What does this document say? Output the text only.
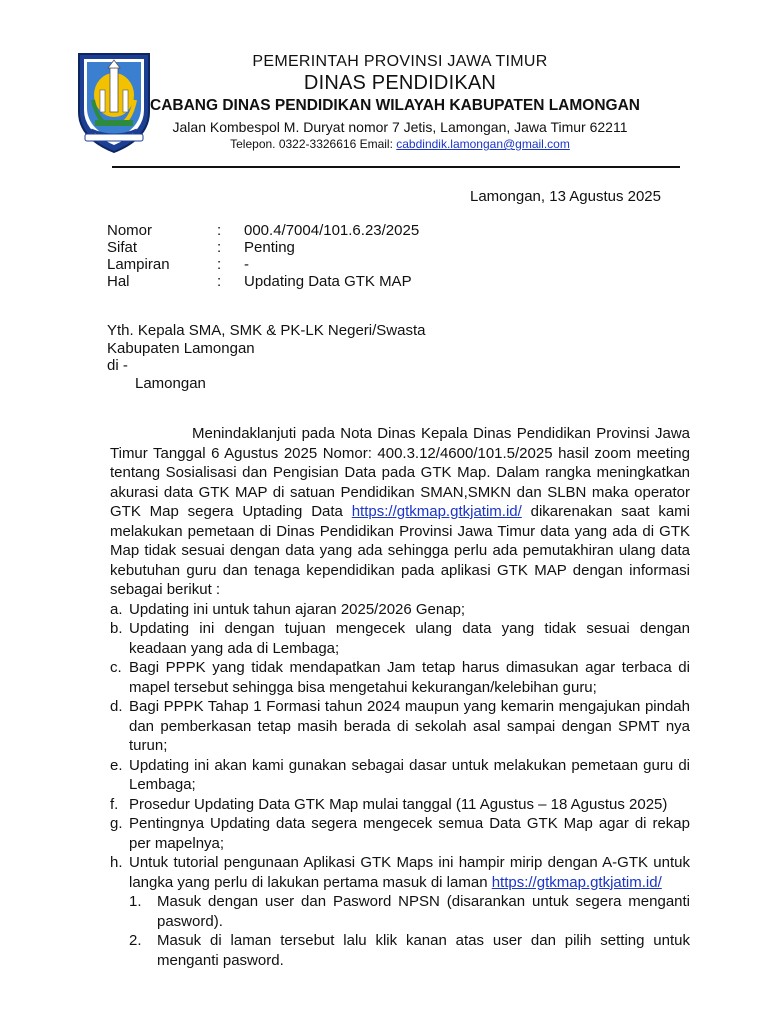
PEMERINTAH PROVINSI JAWA TIMUR
DINAS PENDIDIKAN
CABANG DINAS PENDIDIKAN WILAYAH KABUPATEN LAMONGAN
Jalan Kombespol M. Duryat nomor 7 Jetis, Lamongan, Jawa Timur 62211
Telepon. 0322-3326616 Email: cabdindik.lamongan@gmail.com
Lamongan, 13 Agustus 2025
Nomor	:	000.4/7004/101.6.23/2025
Sifat	:	Penting
Lampiran	:	-
Hal	:	Updating Data GTK MAP
Yth. Kepala SMA, SMK & PK-LK Negeri/Swasta
Kabupaten Lamongan
di -
Lamongan
Menindaklanjuti pada Nota Dinas Kepala Dinas Pendidikan Provinsi Jawa Timur Tanggal 6 Agustus 2025 Nomor: 400.3.12/4600/101.5/2025 hasil zoom meeting tentang Sosialisasi dan Pengisian Data pada GTK Map. Dalam rangka meningkatkan akurasi data GTK MAP di satuan Pendidikan SMAN,SMKN dan SLBN maka operator GTK Map segera Uptading Data https://gtkmap.gtkjatim.id/ dikarenakan saat kami melakukan pemetaan di Dinas Pendidikan Provinsi Jawa Timur data yang ada di GTK Map tidak sesuai dengan data yang ada sehingga perlu ada pemutakhiran ulang data kebutuhan guru dan tenaga kependidikan pada aplikasi GTK MAP dengan informasi sebagai berikut :
a. Updating ini untuk tahun ajaran 2025/2026 Genap;
b. Updating ini dengan tujuan mengecek ulang data yang tidak sesuai dengan keadaan yang ada di Lembaga;
c. Bagi PPPK yang tidak mendapatkan Jam tetap harus dimasukan agar terbaca di mapel tersebut sehingga bisa mengetahui kekurangan/kelebihan guru;
d. Bagi PPPK Tahap 1 Formasi tahun 2024 maupun yang kemarin mengajukan pindah dan pemberkasan tetap masih berada di sekolah asal sampai dengan SPMT nya turun;
e. Updating ini akan kami gunakan sebagai dasar untuk melakukan pemetaan guru di Lembaga;
f. Prosedur Updating Data GTK Map mulai tanggal (11 Agustus – 18 Agustus 2025)
g. Pentingnya Updating data segera mengecek semua Data GTK Map agar di rekap per mapelnya;
h. Untuk tutorial pengunaan Aplikasi GTK Maps ini hampir mirip dengan A-GTK untuk langka yang perlu di lakukan pertama masuk di laman https://gtkmap.gtkjatim.id/
1. Masuk dengan user dan Pasword NPSN (disarankan untuk segera menganti pasword).
2. Masuk di laman tersebut lalu klik kanan atas user dan pilih setting untuk menganti pasword.
